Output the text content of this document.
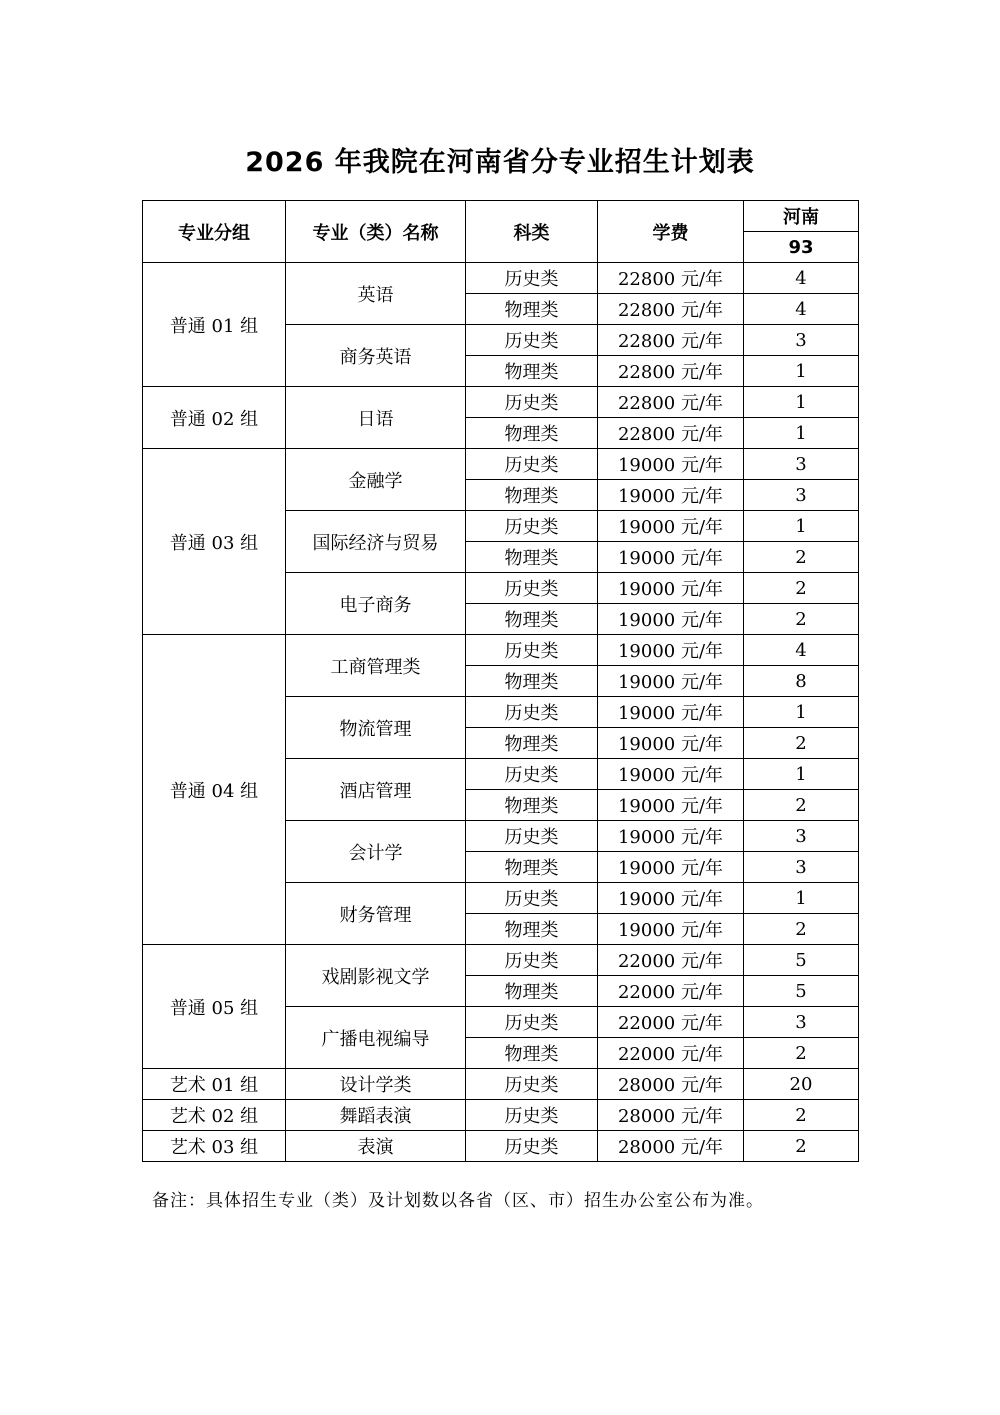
2026 年我院在河南省分专业招生计划表
专业分组	专业（类）名称	科类	学费	河南
				93
普通 01 组	英语	历史类	22800 元/年	4
		物理类	22800 元/年	4
	商务英语	历史类	22800 元/年	3
		物理类	22800 元/年	1
普通 02 组	日语	历史类	22800 元/年	1
		物理类	22800 元/年	1
普通 03 组	金融学	历史类	19000 元/年	3
		物理类	19000 元/年	3
	国际经济与贸易	历史类	19000 元/年	1
		物理类	19000 元/年	2
	电子商务	历史类	19000 元/年	2
		物理类	19000 元/年	2
普通 04 组	工商管理类	历史类	19000 元/年	4
		物理类	19000 元/年	8
	物流管理	历史类	19000 元/年	1
		物理类	19000 元/年	2
	酒店管理	历史类	19000 元/年	1
		物理类	19000 元/年	2
	会计学	历史类	19000 元/年	3
		物理类	19000 元/年	3
	财务管理	历史类	19000 元/年	1
		物理类	19000 元/年	2
普通 05 组	戏剧影视文学	历史类	22000 元/年	5
		物理类	22000 元/年	5
	广播电视编导	历史类	22000 元/年	3
		物理类	22000 元/年	2
艺术 01 组	设计学类	历史类	28000 元/年	20
艺术 02 组	舞蹈表演	历史类	28000 元/年	2
艺术 03 组	表演	历史类	28000 元/年	2
备注：具体招生专业（类）及计划数以各省（区、市）招生办公室公布为准。
